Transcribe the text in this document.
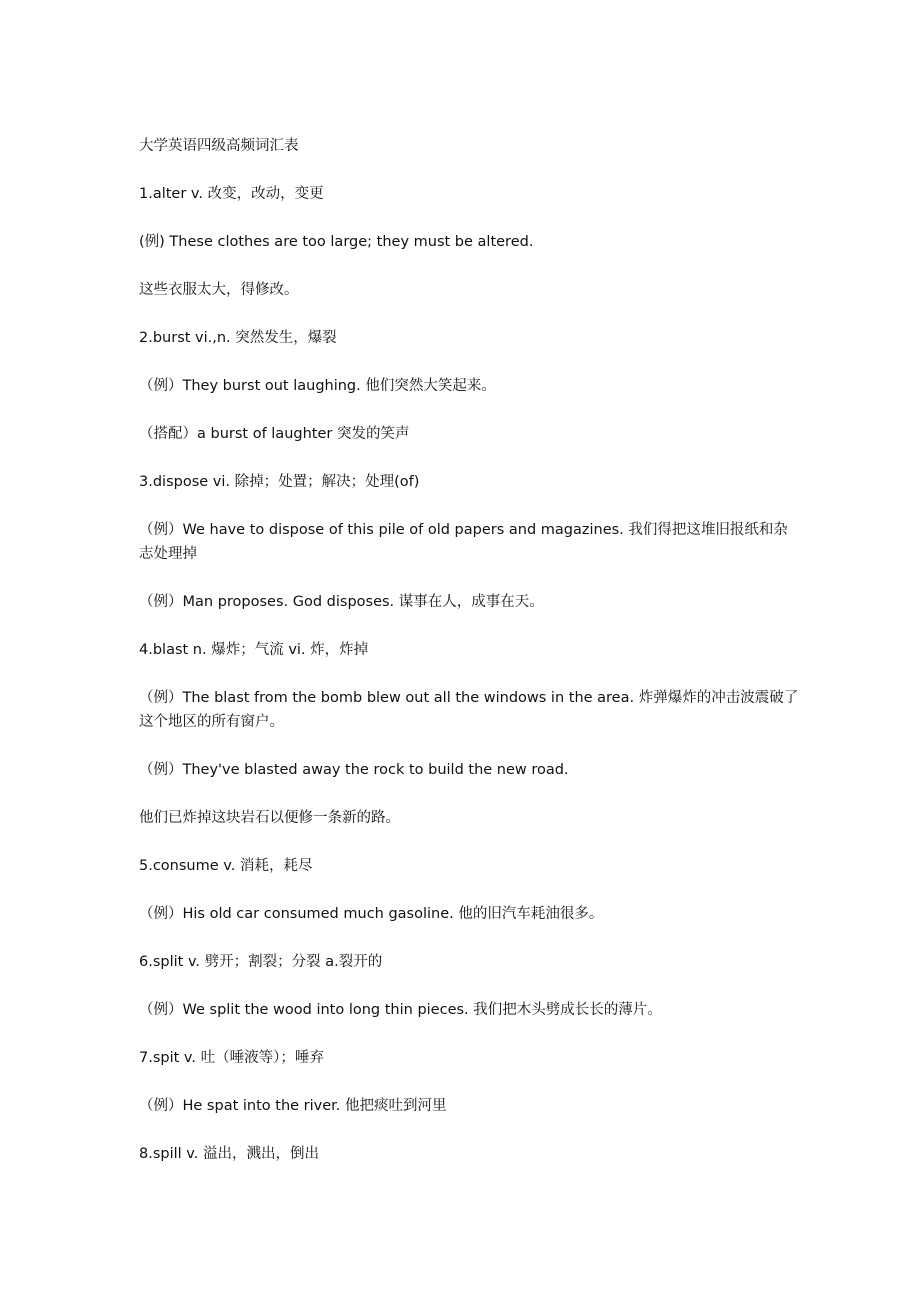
大学英语四级高频词汇表

1.alter v. 改变，改动，变更

(例) These clothes are too large; they must be altered.

这些衣服太大，得修改。

2.burst vi.,n. 突然发生，爆裂

（例）They burst out laughing. 他们突然大笑起来。

（搭配）a burst of laughter 突发的笑声

3.dispose vi. 除掉；处置；解决；处理(of)

（例）We have to dispose of this pile of old papers and magazines. 我们得把这堆旧报纸和杂志处理掉

（例）Man proposes. God disposes. 谋事在人，成事在天。

4.blast n. 爆炸；气流 vi. 炸，炸掉

（例）The blast from the bomb blew out all the windows in the area. 炸弹爆炸的冲击波震破了这个地区的所有窗户。

（例）They've blasted away the rock to build the new road.

他们已炸掉这块岩石以便修一条新的路。

5.consume v. 消耗，耗尽

（例）His old car consumed much gasoline. 他的旧汽车耗油很多。

6.split v. 劈开；割裂；分裂 a.裂开的

（例）We split the wood into long thin pieces. 我们把木头劈成长长的薄片。

7.spit v. 吐（唾液等）；唾弃

（例）He spat into the river. 他把痰吐到河里

8.spill v. 溢出，溅出，倒出
